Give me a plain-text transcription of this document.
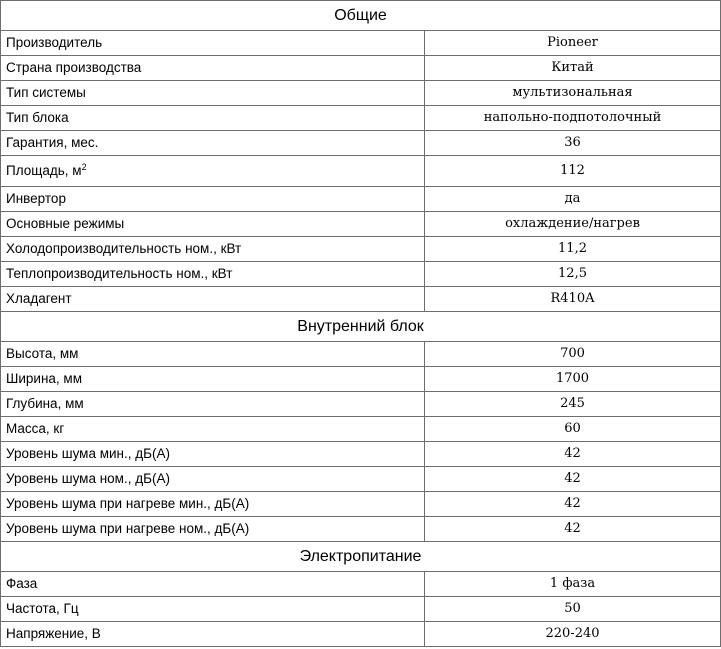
Общие	
Производитель	Pioneer
Страна производства	Китай
Тип системы	мультизональная
Тип блока	напольно-подпотолочный
Гарантия, мес.	36
Площадь, $м^2$	112
Инвертор	да
Основные режимы	охлаждение/нагрев
Холодопроизводительность ном., кВт	11,2
Теплопроизводительность ном., кВт	12,5
Хладагент	R410A
Внутренний блок	
Высота, мм	700
Ширина, мм	1700
Глубина, мм	245
Масса, кг	60
Уровень шума мин., дБ(А)	42
Уровень шума ном., дБ(А)	42
Уровень шума при нагреве мин., дБ(А)	42
Уровень шума при нагреве ном., дБ(А)	42
Электропитание	
Фаза	1 фаза
Частота, Гц	50
Напряжение, В	220-240
